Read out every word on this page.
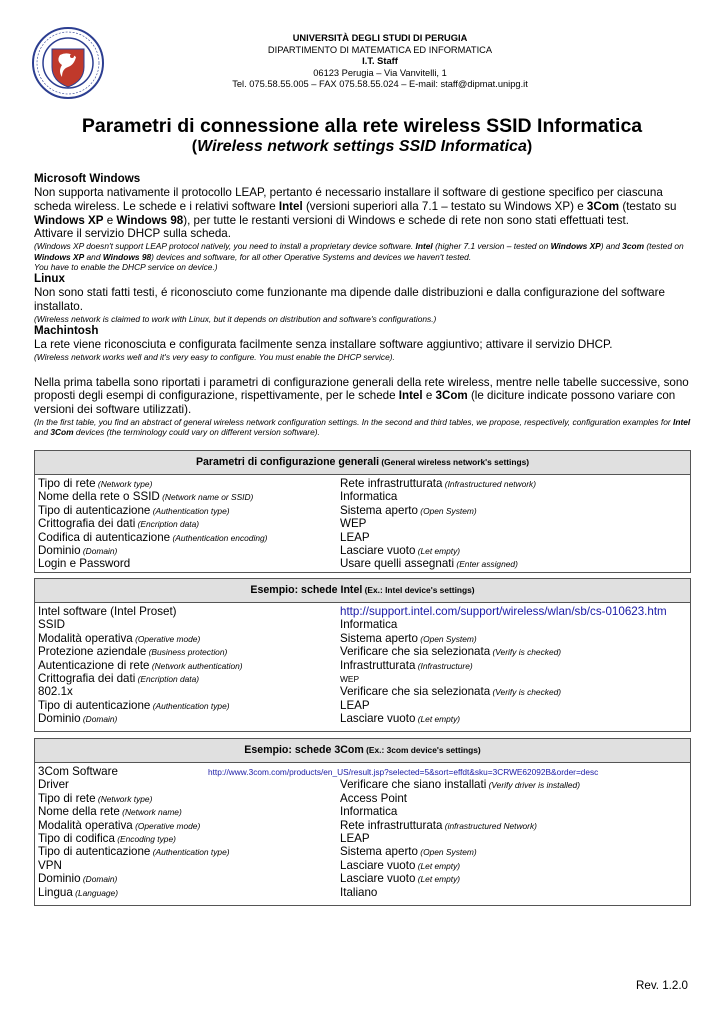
UNIVERSITÀ DEGLI STUDI DI PERUGIA
DIPARTIMENTO DI MATEMATICA ED INFORMATICA
I.T. Staff
06123 Perugia – Via Vanvitelli, 1
Tel. 075.58.55.005 – FAX 075.58.55.024 – E-mail: staff@dipmat.unipg.it
Parametri di connessione alla rete wireless SSID Informatica
(Wireless network settings SSID Informatica)

Microsoft Windows

Non supporta nativamente il protocollo LEAP, pertanto é necessario installare il software di gestione specifico per ciascuna scheda wireless. Le schede e i relativi software Intel (versioni superiori alla 7.1 – testato su Windows XP) e 3Com (testato su Windows XP e Windows 98), per tutte le restanti versioni di Windows e schede di rete non sono stati effettuati test.
Attivare il servizio DHCP sulla scheda.

(Windows XP doesn't support LEAP protocol natively, you need to install a proprietary device software. Intel (higher 7.1 version – tested on Windows XP) and 3com (tested on Windows XP and Windows 98) devices and software, for all other Operative Systems and devices we haven't tested.
You have to enable the DHCP service on device.)

Linux

Non sono stati fatti testi, é riconosciuto come funzionante ma dipende dalle distribuzioni e dalla configurazione del software installato.

(Wireless network is claimed to work with Linux, but it depends on distribution and software's configurations.)

Machintosh

La rete viene riconosciuta e configurata facilmente senza installare software aggiuntivo; attivare il servizio DHCP.

(Wireless network works well and it's very easy to configure. You must enable the DHCP service).

Nella prima tabella sono riportati i parametri di configurazione generali della rete wireless, mentre nelle tabelle successive, sono proposti degli esempi di configurazione, rispettivamente, per le schede Intel e 3Com (le diciture indicate possono variare con versioni dei software utilizzati).

(In the first table, you find an abstract of general wireless network configuration settings. In the second and third tables, we propose, respectively, configuration examples for Intel and 3Com devices (the terminology could vary on different version software).

Parametri di configurazione generali (General wireless network's settings)
Tipo di rete (Network type)	Rete infrastrutturata (Infrastructured network)
Nome della rete o SSID (Network name or SSID)	Informatica
Tipo di autenticazione (Authentication type)	Sistema aperto (Open System)
Crittografia dei dati (Encription data)	WEP
Codifica di autenticazione (Authentication encoding)	LEAP
Dominio (Domain)	Lasciare vuoto (Let empty)
Login e Password	Usare quelli assegnati (Enter assigned)
Esempio: schede Intel (Ex.: Intel device's settings)
Intel software (Intel Proset)	http://support.intel.com/support/wireless/wlan/sb/cs-010623.htm
SSID	Informatica
Modalità operativa (Operative mode)	Sistema aperto (Open System)
Protezione aziendale (Business protection)	Verificare che sia selezionata (Verify is checked)
Autenticazione di rete (Network authentication)	Infrastrutturata (Infrastructure)
Crittografia dei dati (Encription data)	WEP
802.1x	Verificare che sia selezionata (Verify is checked)
Tipo di autenticazione (Authentication type)	LEAP
Dominio (Domain)	Lasciare vuoto (Let empty)
Esempio: schede 3Com (Ex.: 3com device's settings)
3Com Software	http://www.3com.com/products/en_US/result.jsp?selected=5&sort=effdt&sku=3CRWE62092B&order=desc
Driver	Verificare che siano installati (Verify driver is installed)
Tipo di rete (Network type)	Access Point
Nome della rete (Network name)	Informatica
Modalità operativa (Operative mode)	Rete infrastrutturata (infrastructured Network)
Tipo di codifica (Encoding type)	LEAP
Tipo di autenticazione (Authentication type)	Sistema aperto (Open System)
VPN	Lasciare vuoto (Let empty)
Dominio (Domain)	Lasciare vuoto (Let empty)
Lingua (Language)	Italiano
Rev. 1.2.0
